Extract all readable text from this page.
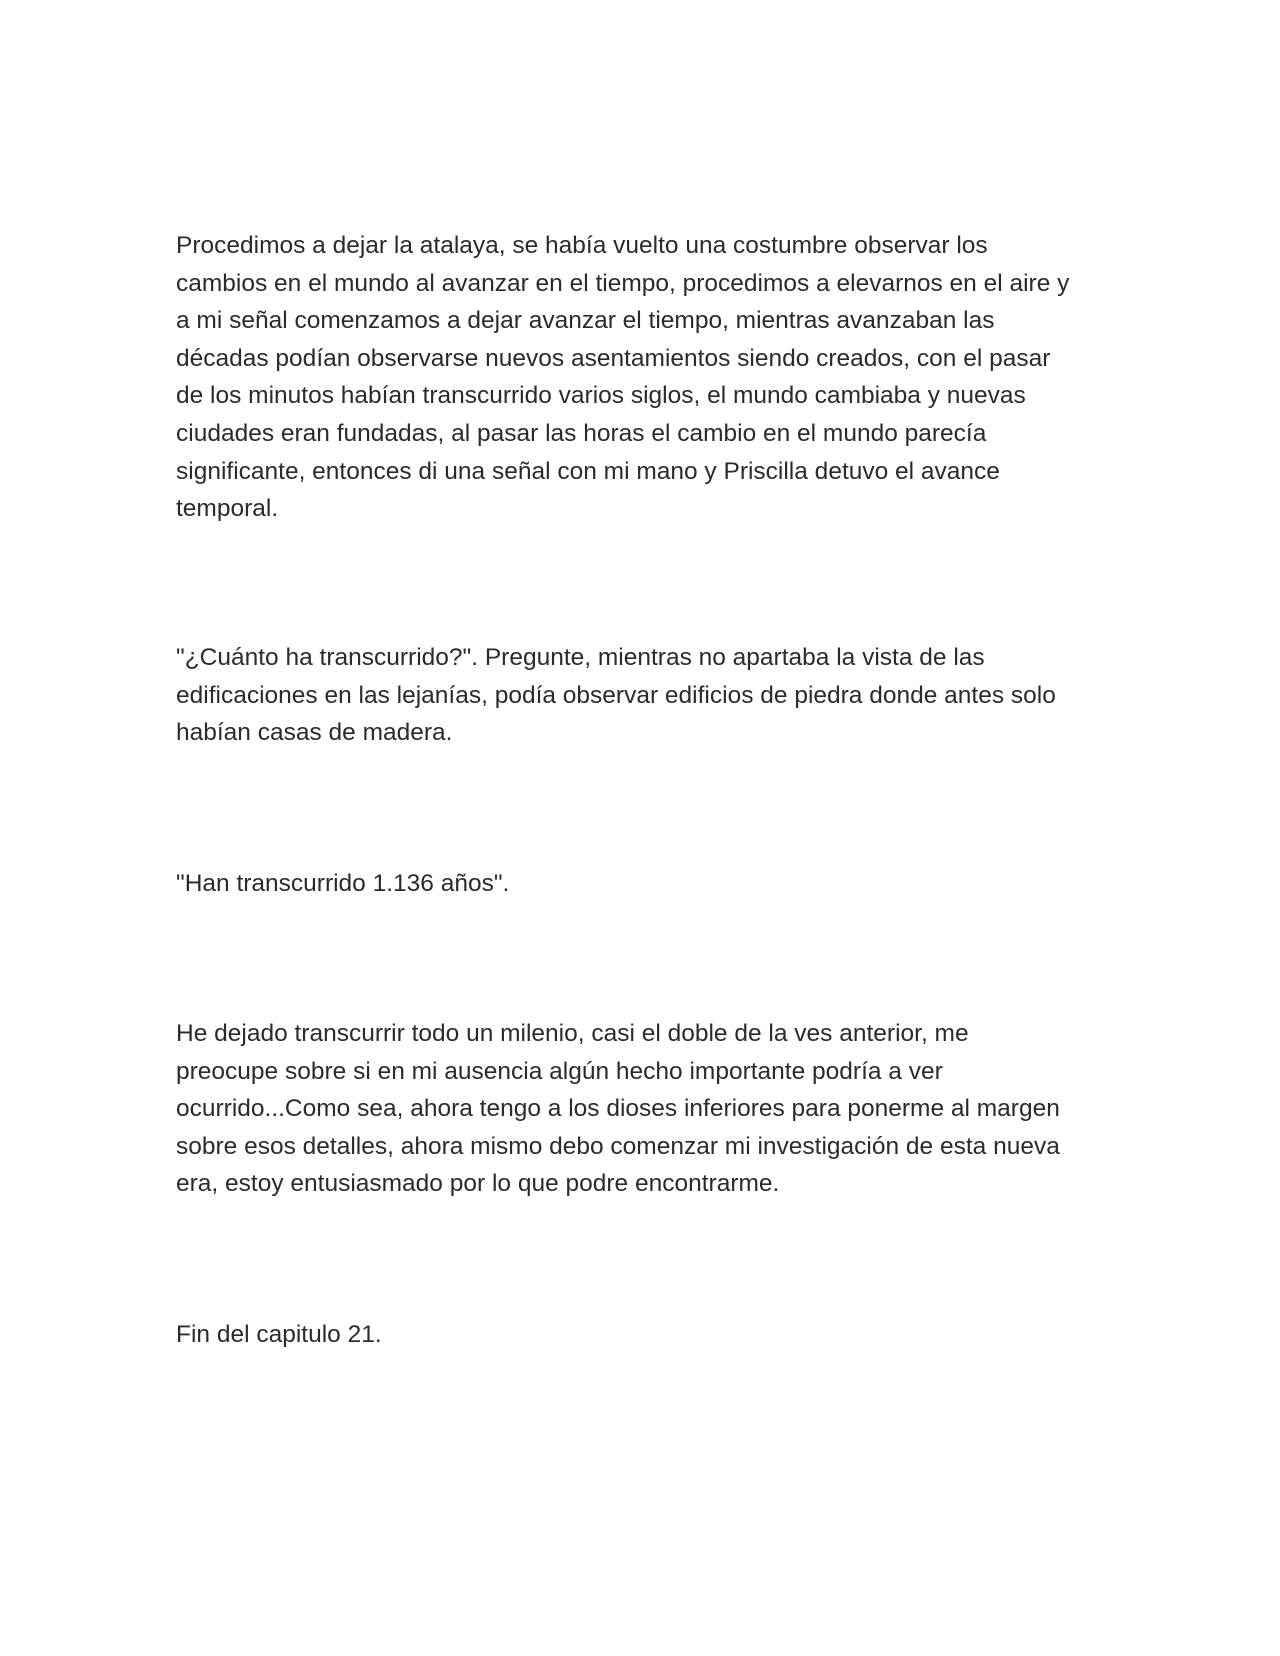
Procedimos a dejar la atalaya, se había vuelto una costumbre observar los
cambios en el mundo al avanzar en el tiempo, procedimos a elevarnos en el aire y
a mi señal comenzamos a dejar avanzar el tiempo, mientras avanzaban las
décadas podían observarse nuevos asentamientos siendo creados, con el pasar
de los minutos habían transcurrido varios siglos, el mundo cambiaba y nuevas
ciudades eran fundadas, al pasar las horas el cambio en el mundo parecía
significante, entonces di una señal con mi mano y Priscilla detuvo el avance
temporal.

"¿Cuánto ha transcurrido?". Pregunte, mientras no apartaba la vista de las
edificaciones en las lejanías, podía observar edificios de piedra donde antes solo
habían casas de madera.

"Han transcurrido 1.136 años".

He dejado transcurrir todo un milenio, casi el doble de la ves anterior, me
preocupe sobre si en mi ausencia algún hecho importante podría a ver
ocurrido...Como sea, ahora tengo a los dioses inferiores para ponerme al margen
sobre esos detalles, ahora mismo debo comenzar mi investigación de esta nueva
era, estoy entusiasmado por lo que podre encontrarme.

Fin del capitulo 21.
